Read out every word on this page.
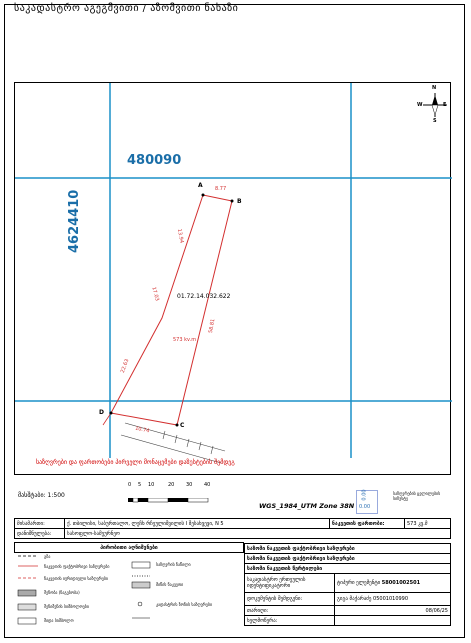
საკადასტრო აგეგმვითი / აზომვითი ნახაზი
480090
4624410
A
B
C
D
8.77
13.94
17.03
22.63
58.81
10.74
01.72.14.032.622
573 kv.m
N
S
E
W
საზღვრები და ფართობები პირველი მონაცემები დაზუსტების შემდეგ
მასშტაბი: 1:500
0 5 10	20 30 40
WGS_1984_UTM Zone 38N
0.00
0.00
საზღვრების ცვლილების სიზუსტე
მისამართი:	ქ. თბილისი, საბურთალო, ლეჩხ რჩეულიშვილის I შესახვევი, N 5	ნაკვეთის ფართობი:	573 კვ.მ
დანიშნულება:	სასოფლო-სამეურნეო		
პირობითი აღნიშვნები	საზომი ნაკვეთის ფაქტობრივი საზღვრები	
საზომი ნაკვეთის ფაქტობრივი საზღვრები	
საზომი ნაკვეთის წერტილები	
საკადასტრო ერთეულის იდენტიფიკატორი	ტიპური ელემენტი 58001002501
დოკუმენტის შემდგენი:	გიგა მაქარაძე 05001010990
თარიღი:	08/06/25
ხელმოწერა:	
გზა
ნაკვეთის ფაქტობრივი საზღვრები
ნაკვეთის იურიდიული საზღვრები
შენობა (ნაგებობა)
შენიშვნის სიმბოლოები
შიდა სიმბოლო
საზღვრის ნაწილი
მიწის ნაკვეთი
კადასტრის ზონის საზღვრები
